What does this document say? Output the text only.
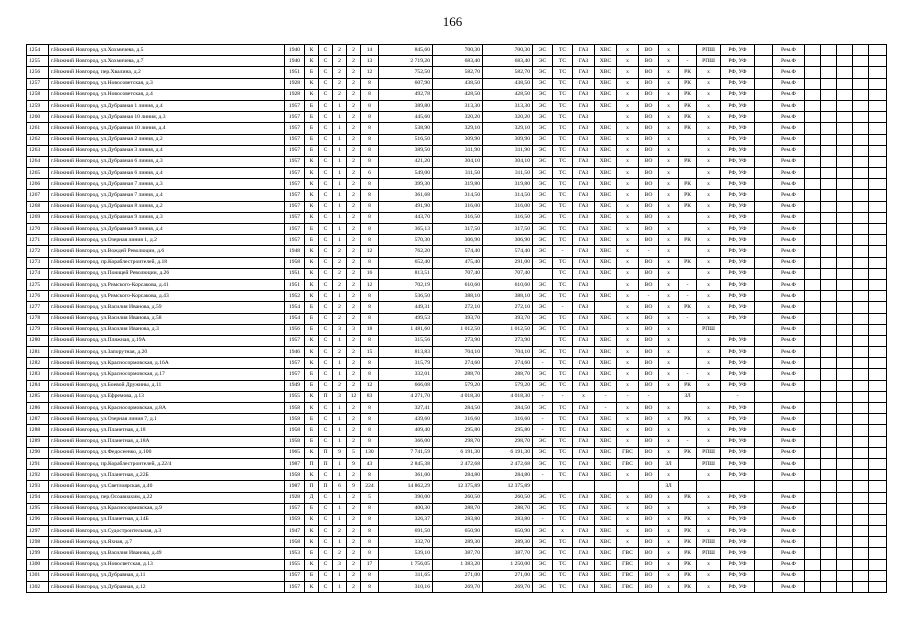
166
1254	г.Нижний Новгород, ул.Хохмичева, д.5	1940	К	С	2	2	14	845,60	700,30	700,30	ЭС	ТС	ГАЗ	ХВС	х	ВО	х		РПШ	РФ, УФ		Рем.Ф					
1255	г.Нижний Новгород, ул.Хохмичева, д.7	1940	К	С	2	2	13	2 719,20	683,40	683,40	ЭС	ТС	ГАЗ	ХВС	х	ВО	х	-	РПШ	РФ, УФ		Рем.Ф					
1256	г.Нижний Новгород, пер.Хвалина, д.2	1951	Б	С	2	2	12	752,50	582,70	582,70	ЭС	ТС	ГАЗ	ХВС	х	ВО	х	РК	х	РФ, УФ		Рем.Ф					
1257	г.Нижний Новгород, ул.Новосоветская, д.3	1928	К	С	2	2	8	607,90	438,50	438,50	ЭС	ТС	ГАЗ	ХВС	х	ВО	х	РК	х	РФ, УФ		Рем.Ф					
1258	г.Нижний Новгород, ул.Новосоветская, д.4	1928	К	С	2	2	8	492,78	428,50	428,50	ЭС	ТС	ГАЗ	ХВС	х	ВО	х	РК	х	РФ, УФ		Рем.Ф					
1259	г.Нижний Новгород, ул.Дубравная 1 линия, д.4	1957	Б	С	1	2	8	389,80	313,30	313,30	ЭС	ТС	ГАЗ	ХВС	х	ВО	х	РК	х	РФ, УФ		Рем.Ф					
1260	г.Нижний Новгород, ул.Дубравная 10 линия, д.3	1957	Б	С	1	2	8	445,60	320,20	320,20	ЭС	ТС	ГАЗ		х	ВО	х	РК	х	РФ, УФ		Рем.Ф					
1261	г.Нижний Новгород, ул.Дубравная 10 линия, д.4	1957	Б	С	1	2	8	538,90	329,10	329,10	ЭС	ТС	ГАЗ	ХВС	х	ВО	х	РК	х	РФ, УФ		Рем.Ф					
1262	г.Нижний Новгород, ул.Дубравная 2 линия, д.2	1957	Б	С	1	2	8	516,50	309,90	309,90	ЭС	ТС	ГАЗ	ХВС	х	ВО	х		х	РФ, УФ		Рем.Ф					
1263	г.Нижний Новгород, ул.Дубравная 3 линия, д.4	1957	Б	С	1	2	8	389,50	311,90	311,90	ЭС	ТС	ГАЗ	ХВС	х	ВО	х		х	РФ, УФ		Рем.Ф					
1264	г.Нижний Новгород, ул.Дубравная 6 линия, д.3	1957	К	С	1	2	8	421,20	304,10	304,10	ЭС	ТС	ГАЗ	ХВС	х	ВО	х	РК	х	РФ, УФ		Рем.Ф					
1265	г.Нижний Новгород, ул.Дубравная 6 линия, д.4	1957	К	С	1	2	6	549,00	311,50	311,50	ЭС	ТС	ГАЗ	ХВС	х	ВО	х		х	РФ, УФ		Рем.Ф					
1266	г.Нижний Новгород, ул.Дубравная 7 линия, д.3	1957	К	С	1	2	8	399,30	319,80	319,80	ЭС	ТС	ГАЗ	ХВС	х	ВО	х	РК	х	РФ, УФ		Рем.Ф					
1267	г.Нижний Новгород, ул.Дубравная 7 линия, д.4	1957	К	С	1	2	8	361,68	314,50	314,50	ЭС	ТС	ГАЗ	ХВС	х	ВО	х	РК	х	РФ, УФ		Рем.Ф					
1268	г.Нижний Новгород, ул.Дубравная 8 линия, д.2	1957	К	С	1	2	8	491,90	316,00	316,00	ЭС	ТС	ГАЗ	ХВС	х	ВО	х	РК	х	РФ, УФ		Рем.Ф					
1269	г.Нижний Новгород, ул.Дубравная 9 линия, д.3	1957	К	С	1	2	8	443,70	316,50	316,50	ЭС	ТС	ГАЗ	ХВС	х	ВО	х		х	РФ, УФ		Рем.Ф					
1270	г.Нижний Новгород, ул.Дубравная 9 линия, д.4	1957	Б	С	1	2	8	365,13	317,50	317,50	ЭС	ТС	ГАЗ	ХВС	х	ВО	х		х	РФ, УФ		Рем.Ф					
1271	г.Нижний Новгород, ул.Озерная линия 1, д.2	1957	Б	С	1	2	8	570,30	306,90	306,90	ЭС	ТС	ГАЗ	ХВС	х	ВО	х	РК	х	РФ, УФ		Рем.Ф					
1272	г.Нижний Новгород, ул.Вождей Революции, д.6	1948	К	С	2	2	12	762,20	574,40	574,40	ЭС	-	ГАЗ	ХВС	х	-	х		х	РФ, УФ		Рем.Ф					
1273	г.Нижний Новгород, пр.Кораблестроителей, д.18	1958	К	С	2	2	8	652,40	475,40	291,00	ЭС	ТС	ГАЗ	ХВС	х	ВО	х	РК	х	РФ, УФ		Рем.Ф					
1274	г.Нижний Новгород, ул.Поющей Революции, д.26	1951	К	С	2	2	16	813,51	707,40	707,40		ТС	ГАЗ	ХВС	х	ВО	х		х	РФ, УФ		Рем.Ф					
1275	г.Нижний Новгород, ул.Римского-Корсакова, д.41	1951	К	С	2	2	12	702,19	610,60	610,60	ЭС	ТС	ГАЗ		х	ВО	х	-	х	РФ, УФ		Рем.Ф					
1276	г.Нижний Новгород, ул.Римского-Корсакова, д.43	1952	К	С	1	2	8	536,50	388,10	388,10	ЭС	ТС	ГАЗ	ХВС	х	-	х	-	х	РФ, УФ		Рем.Ф					
1277	г.Нижний Новгород, ул.Василия Иванова, д.59	1954	Б	С	2	2	8	449,31	272,10	272,10	ЭС	-	ГАЗ		х	ВО	х	РК	х	РФ, УФ		Рем.Ф					
1278	г.Нижний Новгород, ул.Василия Иванова, д.58	1954	Б	С	2	2	8	499,53	393,70	393,70	ЭС	ТС	ГАЗ	ХВС	х	ВО	х	-	х	РФ, УФ		Рем.Ф					
1279	г.Нижний Новгород, ул.Василия Иванова, д.3	1956	Б	С	3	3	18	1 481,60	1 012,50	1 012,50	ЭС	ТС	ГАЗ		х	ВО	х		РПШ			Рем.Ф					
1280	г.Нижний Новгород, ул.Пляжная, д.19А	1957	К	С	1	2	8	315,56	273,90	273,90		ТС	ГАЗ	ХВС	х	ВО	х		х	РФ, УФ		Рем.Ф					
1281	г.Нижний Новгород, ул.Запорутная, д.20	1946	К	С	2	2	15	813,83	704,10	704,10	ЭС	ТС	ГАЗ	ХВС	х	ВО	х		х	РФ, УФ		Рем.Ф					
1282	г.Нижний Новгород, ул.Красносормовская, д.16А	1957	К	С	1	2	8	315,79	274,60	274,60	-	ТС	ГАЗ	ХВС	х	ВО	х		х	РФ, УФ		Рем.Ф					
1283	г.Нижний Новгород, ул.Красносормовская, д.17	1957	Б	С	1	2	8	332,01	288,70	288,70	ЭС	ТС	ГАЗ	ХВС	х	ВО	х	-	х	РФ, УФ		Рем.Ф					
1284	г.Нижний Новгород, ул.Боевой Дружины, д.11	1949	Б	С	2	2	12	666,08	579,20	579,20	ЭС	ТС	ГАЗ	ХВС	х	ВО	х	РК	х	РФ, УФ		Рем.Ф					
1285	г.Нижний Новгород, ул.Ефремова, д.13	1955	К	П	3	12	83	4 271,70	4 018,30	4 018,30	-	-	х	-	-	-		ЗЛ		-							
1286	г.Нижний Новгород, ул.Красносормовская, д.8А	1958	К	С	1	2	8	327,41	284,50	284,50	ЭС	ТС	ГАЗ	-	х	ВО	х		х	РФ, УФ		Рем.Ф					
1287	г.Нижний Новгород, ул.Озерная линия 7, д.1	1958	Б	С	1	2	8	439,60	316,60	316,60	-	ТС	ГАЗ	ХВС	х	ВО	х	РК	х	РФ, УФ		Рем.Ф					
1288	г.Нижний Новгород, ул.Планетная, д.18	1958	Б	С	1	2	8	409,40	295,80	295,80	-	ТС	ГАЗ	ХВС	х	ВО	х		х	РФ, УФ		Рем.Ф					
1289	г.Нижний Новгород, ул.Планетная, д.18А	1958	Б	С	1	2	8	366,00	298,70	298,70	ЭС	ТС	ГАЗ	ХВС	х	ВО	х	-	х	РФ, УФ		Рем.Ф					
1290	г.Нижний Новгород, ул.Федосеенко, д.100	1965	К	П	9	5	130	7 741,59	6 191,30	6 191,30	ЭС	ТС	ГАЗ	ХВС	ГВС	ВО	х	РК	РПШ	РФ, УФ		Рем.Ф					
1291	г.Нижний Новгород, пр.Кораблестроителей, д.22/4	1987	П	П	1	9	43	2 845,38	2 472,68	2 472,68	ЭС	ТС	ГАЗ	ХВС	ГВС	ВО	ЗЛ		РПШ	РФ, УФ		Рем.Ф					
1292	г.Нижний Новгород, ул.Планетная, д.22Б	1958	К	С	1	2	8	361,00	284,80	284,80	-	ТС	ГАЗ	ХВС	х	ВО	х		х	РФ, УФ		Рем.Ф					
1293	г.Нижний Новгород, ул.Светлоярская, д.40	1987	П	П	6	9	224	14 862,29	12 375,89	12 375,89							ЗЛ										
1294	г.Нижний Новгород, пер.Осоавиахим, д.22	1928	Д	С	1	2	5	390,00	260,50	260,50	ЭС	ТС	ГАЗ	ХВС	х	ВО	х	РК	х	РФ, УФ		Рем.Ф					
1295	г.Нижний Новгород, ул.Красносормовская, д.9	1957	Б	С	1	2	8	400,30	288,70	288,70	ЭС	ТС	ГАЗ	ХВС	х	ВО	х		х	РФ, УФ		Рем.Ф					
1296	г.Нижний Новгород, ул.Планетная, д.14Б	1959	К	С	1	2	8	326,37	283,80	283,80	-	ТС	ГАЗ	ХВС	х	ВО	х	РК	х	РФ, УФ		Рем.Ф					
1297	г.Нижний Новгород, ул.Судостроительная, д.3	1947	К	С	2	2	8	691,50	650,90	650,90	ЭС	х	ГАЗ	ХВС	х	ВО	х	РК	х	РФ, УФ		Рем.Ф					
1298	г.Нижний Новгород, ул.Яхная, д.7	1958	К	С	1	2	8	332,70	289,30	289,30	ЭС	ТС	ГАЗ	ХВС	х	ВО	х	РК	РПШ	РФ, УФ		Рем.Ф					
1299	г.Нижний Новгород, ул.Василия Иванова, д.49	1953	Б	С	2	2	8	539,10	387,70	387,70	ЭС	ТС	ГАЗ	ХВС	ГВС	ВО	х	РК	РПШ	РФ, УФ		Рем.Ф					
1300	г.Нижний Новгород, ул.Новосветская, д.13	1955	К	С	3	2	17	1 756,05	1 383,20	1 250,00	ЭС	ТС	ГАЗ	ХВС	ГВС	ВО	х	РК	х	РФ, УФ		Рем.Ф					
1301	г.Нижний Новгород, ул.Дубравная, д.11	1957	Б	С	1	2	8	311,65	271,00	271,00	ЭС	ТС	ГАЗ	ХВС	ГВС	ВО	х	РК	х	РФ, УФ		Рем.Ф					
1302	г.Нижний Новгород, ул.Дубравная, д.12	1957	К	С	1	2	8	310,16	269,70	269,70	ЭС	ТС	ГАЗ	ХВС	ГВС	ВО	х	РК	х	РФ, УФ		Рем.Ф					
